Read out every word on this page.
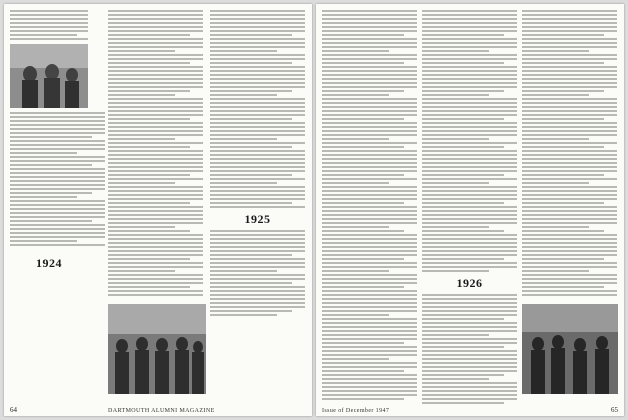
1925
1924
64	DARTMOUTH ALUMNI MAGAZINE
1926
Issue of December 1947	65
